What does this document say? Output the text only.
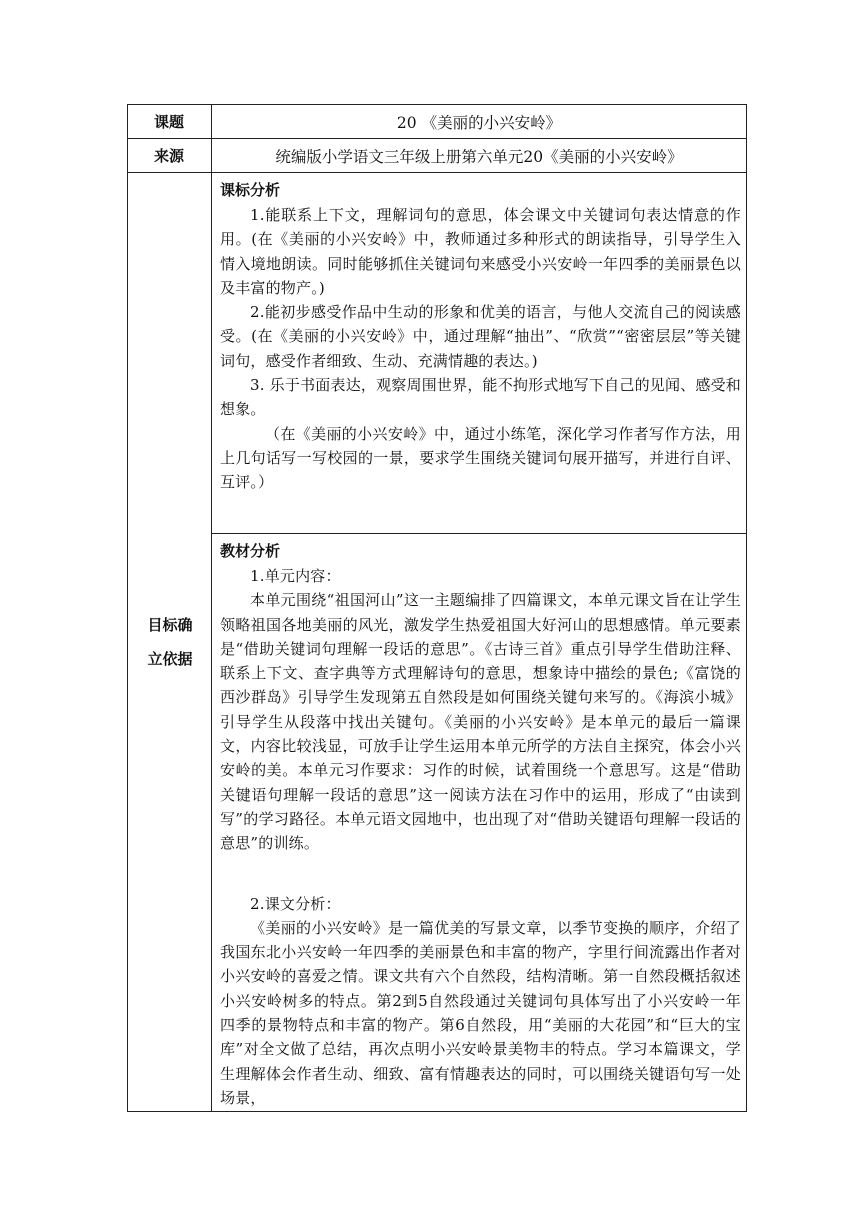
课题	20 《美丽的小兴安岭》
来源	统编版小学语文三年级上册第六单元20《美丽的小兴安岭》
目标确立依据
课标分析

1.能联系上下文，理解词句的意思，体会课文中关键词句表达情意的作用。(在《美丽的小兴安岭》中，教师通过多种形式的朗读指导，引导学生入情入境地朗读。同时能够抓住关键词句来感受小兴安岭一年四季的美丽景色以及丰富的物产。)

2.能初步感受作品中生动的形象和优美的语言，与他人交流自己的阅读感受。(在《美丽的小兴安岭》中，通过理解“抽出”、“欣赏”“密密层层”等关键词句，感受作者细致、生动、充满情趣的表达。)

3. 乐于书面表达，观察周围世界，能不拘形式地写下自己的见闻、感受和想象。

（在《美丽的小兴安岭》中，通过小练笔，深化学习作者写作方法，用上几句话写一写校园的一景，要求学生围绕关键词句展开描写，并进行自评、互评。）

教材分析

1.单元内容：

本单元围绕“祖国河山”这一主题编排了四篇课文，本单元课文旨在让学生领略祖国各地美丽的风光，激发学生热爱祖国大好河山的思想感情。单元要素是“借助关键词句理解一段话的意思”。《古诗三首》重点引导学生借助注释、联系上下文、查字典等方式理解诗句的意思，想象诗中描绘的景色;《富饶的西沙群岛》引导学生发现第五自然段是如何围绕关键句来写的。《海滨小城》引导学生从段落中找出关键句。《美丽的小兴安岭》是本单元的最后一篇课文，内容比较浅显，可放手让学生运用本单元所学的方法自主探究，体会小兴安岭的美。本单元习作要求：习作的时候，试着围绕一个意思写。这是“借助关键语句理解一段话的意思”这一阅读方法在习作中的运用，形成了“由读到写”的学习路径。本单元语文园地中，也出现了对“借助关键语句理解一段话的意思”的训练。

2.课文分析：

《美丽的小兴安岭》是一篇优美的写景文章，以季节变换的顺序，介绍了我国东北小兴安岭一年四季的美丽景色和丰富的物产，字里行间流露出作者对小兴安岭的喜爱之情。课文共有六个自然段，结构清晰。第一自然段概括叙述小兴安岭树多的特点。第2到5自然段通过关键词句具体写出了小兴安岭一年四季的景物特点和丰富的物产。第6自然段，用“美丽的大花园”和“巨大的宝库”对全文做了总结，再次点明小兴安岭景美物丰的特点。学习本篇课文，学生理解体会作者生动、细致、富有情趣表达的同时，可以围绕关键语句写一处场景，
